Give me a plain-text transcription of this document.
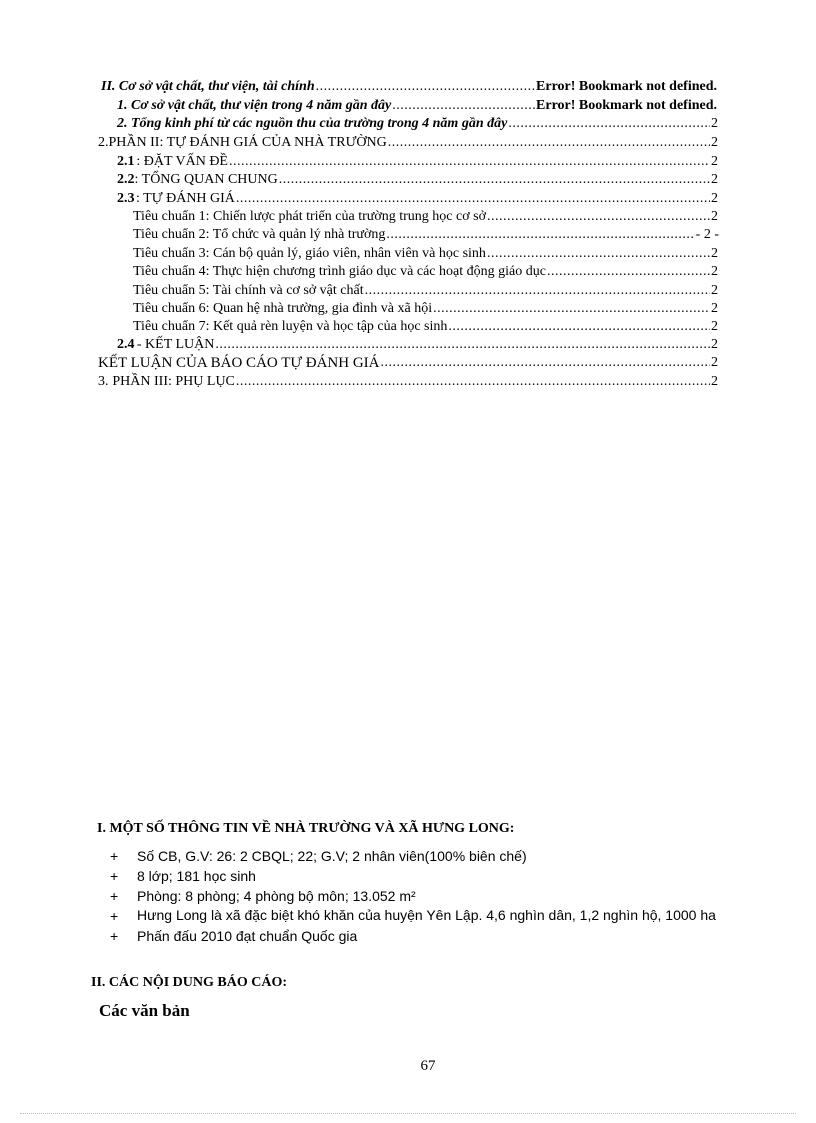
II. Cơ sở vật chất, thư viện, tài chính .....	Error! Bookmark not defined.
1. Cơ sở vật chất, thư viện trong 4 năm gần đây .....	Error! Bookmark not defined.
2. Tổng kinh phí từ các nguồn thu của trường trong 4 năm gần đây .....	2
2. PHẦN II: TỰ ĐÁNH GIÁ CỦA NHÀ TRƯỜNG .....	2
2.1 : ĐẶT VẤN ĐỀ .....	2
2.2 : TỔNG QUAN CHUNG .....	2
2.3 : TỰ ĐÁNH GIÁ .....	2
Tiêu chuẩn 1: Chiến lược phát triển của trường trung học cơ sở .....	2
Tiêu chuẩn 2: Tổ chức và quản lý nhà trường .....	- 2 -
Tiêu chuẩn 3: Cán bộ quản lý, giáo viên, nhân viên và học sinh .....	2
Tiêu chuẩn 4: Thực hiện chương trình giáo dục và các hoạt động giáo dục .....	2
Tiêu chuẩn 5: Tài chính và cơ sở vật chất .....	2
Tiêu chuẩn 6: Quan hệ nhà trường, gia đình và xã hội .....	2
Tiêu chuẩn 7: Kết quả rèn luyện và học tập của học sinh .....	2
2.4 - KẾT LUẬN .....	2
KẾT LUẬN CỦA BÁO CÁO TỰ ĐÁNH GIÁ .....	2
3. PHẦN III: PHỤ LỤC .....	2
I. MỘT SỐ THÔNG TIN VỀ NHÀ TRƯỜNG VÀ XÃ HƯNG LONG:
+	Số CB, G.V: 26: 2 CBQL; 22; G.V; 2 nhân viên(100% biên chế)
+	8 lớp; 181 học sinh
+	Phòng: 8 phòng; 4 phòng bộ môn; 13.052 m²
+	Hưng Long là xã đặc biệt khó khăn của huyện Yên Lập. 4,6 nghìn dân, 1,2 nghìn hộ, 1000 ha
+	Phấn đấu 2010 đạt chuẩn Quốc gia
II. CÁC NỘI DUNG BÁO CÁO:
Các văn bản
67
